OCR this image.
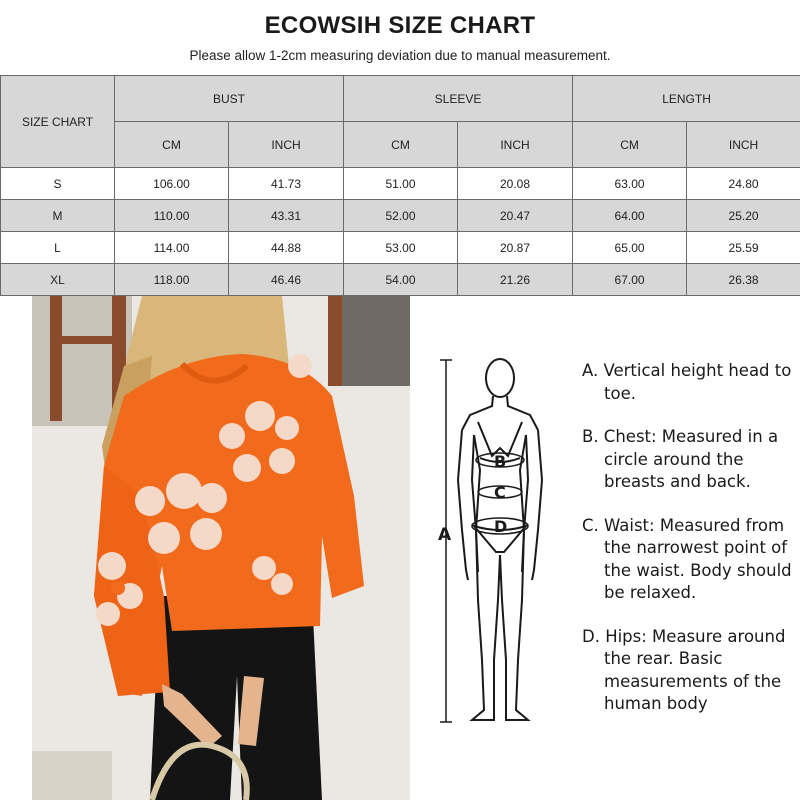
ECOWSIH SIZE CHART
Please allow 1-2cm measuring deviation due to manual measurement.
SIZE CHART	BUST		SLEEVE		LENGTH	
	CM	INCH	CM	INCH	CM	INCH
S	106.00	41.73	51.00	20.08	63.00	24.80
M	110.00	43.31	52.00	20.47	64.00	25.20
L	114.00	44.88	53.00	20.87	65.00	25.59
XL	118.00	46.46	54.00	21.26	67.00	26.38
A
B
C
D
A. Vertical height head to toe.
B. Chest: Measured in a circle around the breasts and back.
C. Waist: Measured from the narrowest point of the waist. Body should be relaxed.
D. Hips: Measure around the rear. Basic measurements of the human body
